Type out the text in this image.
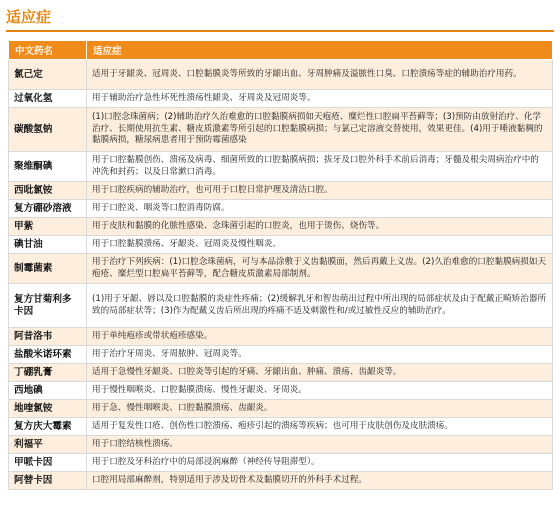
适应症
中文药名	适应症
氯己定	适用于牙龈炎、冠周炎、口腔黏膜炎等所致的牙龈出血、牙周肿痛及溢脓性口臭、口腔溃疡等症的辅助治疗用药。
过氧化氢	用于辅助治疗急性坏死性溃疡性龈炎、牙周炎及冠周炎等。
碳酸氢钠	(1)口腔念珠菌病；(2)辅助治疗久治难愈的口腔黏膜病损如天疱疮、糜烂性口腔扁平苔藓等；(3)预防由放射治疗、化学治疗、长期使用抗生素、糖皮质激素等所引起的口腔黏膜病损；与氯己定溶液交替使用，效果更佳。(4)用于唾液黏稠的黏膜病损，糖尿病患者用于预防霉菌感染
聚维酮碘	用于口腔黏膜创伤、溃疡及病毒、细菌所致的口腔黏膜病损；拔牙及口腔外科手术前后消毒；牙髓及根尖周病治疗中的冲洗和封药；以及日常漱口消毒。
西吡氯铵	用于口腔疾病的辅助治疗，也可用于口腔日常护理及清洁口腔。
复方硼砂溶液	用于口腔炎、咽炎等口腔消毒防腐。
甲紫	用于皮肤和黏膜的化脓性感染、念珠菌引起的口腔炎，也用于烫伤、烧伤等。
碘甘油	用于口腔黏膜溃疡、牙龈炎、冠周炎及慢性咽炎。
制霉菌素	用于治疗下列疾病：(1)口腔念珠菌病，可与本品涂敷于义齿黏膜面，然后再戴上义齿。(2)久治难愈的口腔黏膜病损如天疱疮、糜烂型口腔扁平苔藓等，配合糖皮质激素局部制剂。
复方甘菊利多卡因	(1)用于牙龈、唇以及口腔黏膜的炎症性疼痛；(2)缓解乳牙和智齿萌出过程中所出现的局部症状及由于配戴正畸矫治器所致的局部症状等；(3)作为配戴义齿后所出现的疼痛不适及刺激性和/或过敏性反应的辅助治疗。
阿昔洛韦	用于单纯疱疹或带状疱疹感染。
盐酸米诺环素	用于治疗牙周炎、牙周脓肿、冠周炎等。
丁硼乳膏	适用于急慢性牙龈炎、口腔炎等引起的牙痛、牙龈出血、肿痛、溃疡、齿龈炎等。
西地碘	用于慢性咽喉炎、口腔黏膜溃疡、慢性牙龈炎、牙周炎。
地喹氯铵	用于急、慢性咽喉炎、口腔黏膜溃疡、齿龈炎。
复方庆大霉素	适用于复发性口疮、创伤性口腔溃疡、疱疹引起的溃疡等疾病；也可用于皮肤创伤及皮肤溃疡。
利福平	用于口腔结核性溃疡。
甲哌卡因	用于口腔及牙科治疗中的局部浸润麻醉（神经传导阻滞型）。
阿替卡因	口腔用局部麻醉剂，特别适用于涉及切骨术及黏膜切开的外科手术过程。
